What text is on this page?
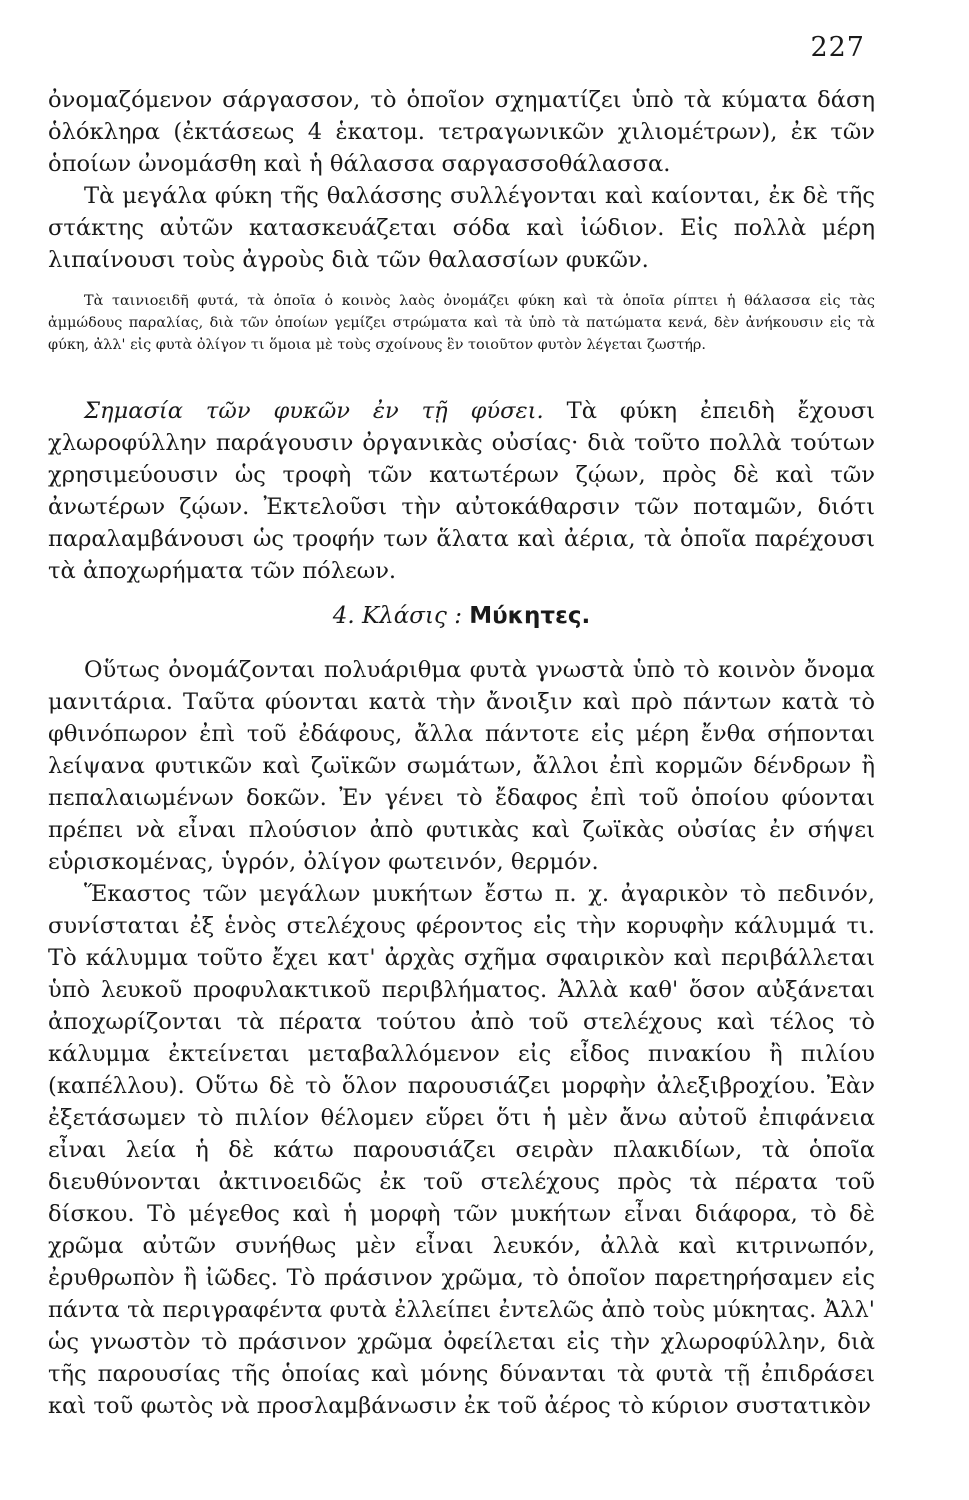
227

ὀνομαζόμενον σάργασσον, τὸ ὁποῖον σχηματίζει ὑπὸ τὰ κύματα δάση ὁλόκληρα (ἐκτάσεως 4 ἑκατομ. τετραγωνικῶν χιλιομέτρων), ἐκ τῶν ὁποίων ὠνομάσθη καὶ ἡ θάλασσα σαργασσοθάλασσα.

Τὰ μεγάλα φύκη τῆς θαλάσσης συλλέγονται καὶ καίονται, ἐκ δὲ τῆς στάκτης αὐτῶν κατασκευάζεται σόδα καὶ ἰώδιον. Εἰς πολλὰ μέρη λιπαίνουσι τοὺς ἀγροὺς διὰ τῶν θαλασσίων φυκῶν.

Τὰ ταινιοειδῆ φυτά, τὰ ὁποῖα ὁ κοινὸς λαὸς ὀνομάζει φύκη καὶ τὰ ὁποῖα ρίπτει ἡ θάλασσα εἰς τὰς ἀμμώδους παραλίας, διὰ τῶν ὁποίων γεμίζει στρώματα καὶ τὰ ὑπὸ τὰ πατώματα κενά, δὲν ἀνήκουσιν εἰς τὰ φύκη, ἀλλ' εἰς φυτὰ ὀλίγον τι ὅμοια μὲ τοὺς σχοίνους ἓν τοιοῦτον φυτὸν λέγεται ζωστήρ.

Σημασία τῶν φυκῶν ἐν τῇ φύσει. Τὰ φύκη ἐπειδὴ ἔχουσι χλωροφύλλην παράγουσιν ὀργανικὰς οὐσίας· διὰ τοῦτο πολλὰ τούτων χρησιμεύουσιν ὡς τροφὴ τῶν κατωτέρων ζῴων, πρὸς δὲ καὶ τῶν ἀνωτέρων ζῴων. Ἐκτελοῦσι τὴν αὐτοκάθαρσιν τῶν ποταμῶν, διότι παραλαμβάνουσι ὡς τροφήν των ἅλατα καὶ ἀέρια, τὰ ὁποῖα παρέχουσι τὰ ἀποχωρήματα τῶν πόλεων.

4. Κλάσις : Μύκητες.

Οὕτως ὀνομάζονται πολυάριθμα φυτὰ γνωστὰ ὑπὸ τὸ κοινὸν ὄνομα μανιτάρια. Ταῦτα φύονται κατὰ τὴν ἄνοιξιν καὶ πρὸ πάντων κατὰ τὸ φθινόπωρον ἐπὶ τοῦ ἐδάφους, ἄλλα πάντοτε εἰς μέρη ἔνθα σήπονται λείψανα φυτικῶν καὶ ζωϊκῶν σωμάτων, ἄλλοι ἐπὶ κορμῶν δένδρων ἢ πεπαλαιωμένων δοκῶν. Ἐν γένει τὸ ἔδαφος ἐπὶ τοῦ ὁποίου φύονται πρέπει νὰ εἶναι πλούσιον ἀπὸ φυτικὰς καὶ ζωϊκὰς οὐσίας ἐν σήψει εὑρισκομένας, ὑγρόν, ὀλίγον φωτεινόν, θερμόν.

Ἕκαστος τῶν μεγάλων μυκήτων ἔστω π. χ. ἀγαρικὸν τὸ πεδινόν, συνίσταται ἐξ ἑνὸς στελέχους φέροντος εἰς τὴν κορυφὴν κάλυμμά τι. Τὸ κάλυμμα τοῦτο ἔχει κατ' ἀρχὰς σχῆμα σφαιρικὸν καὶ περιβάλλεται ὑπὸ λευκοῦ προφυλακτικοῦ περιβλήματος. Ἀλλὰ καθ' ὅσον αὐξάνεται ἀποχωρίζονται τὰ πέρατα τούτου ἀπὸ τοῦ στελέχους καὶ τέλος τὸ κάλυμμα ἐκτείνεται μεταβαλλόμενον εἰς εἶδος πινακίου ἢ πιλίου (καπέλλου). Οὕτω δὲ τὸ ὅλον παρουσιάζει μορφὴν ἀλεξιβροχίου. Ἐὰν ἐξετάσωμεν τὸ πιλίον θέλομεν εὕρει ὅτι ἡ μὲν ἄνω αὐτοῦ ἐπιφάνεια εἶναι λεία ἡ δὲ κάτω παρουσιάζει σειρὰν πλακιδίων, τὰ ὁποῖα διευθύνονται ἀκτινοειδῶς ἐκ τοῦ στελέχους πρὸς τὰ πέρατα τοῦ δίσκου. Τὸ μέγεθος καὶ ἡ μορφὴ τῶν μυκήτων εἶναι διάφορα, τὸ δὲ χρῶμα αὐτῶν συνήθως μὲν εἶναι λευκόν, ἀλλὰ καὶ κιτρινωπόν, ἐρυθρωπὸν ἢ ἰῶδες. Τὸ πράσινον χρῶμα, τὸ ὁποῖον παρετηρήσαμεν εἰς πάντα τὰ περιγραφέντα φυτὰ ἐλλείπει ἐντελῶς ἀπὸ τοὺς μύκητας. Ἀλλ' ὡς γνωστὸν τὸ πράσινον χρῶμα ὀφείλεται εἰς τὴν χλωροφύλλην, διὰ τῆς παρουσίας τῆς ὁποίας καὶ μόνης δύνανται τὰ φυτὰ τῇ ἐπιδράσει καὶ τοῦ φωτὸς νὰ προσλαμβάνωσιν ἐκ τοῦ ἀέρος τὸ κύριον συστατικὸν
